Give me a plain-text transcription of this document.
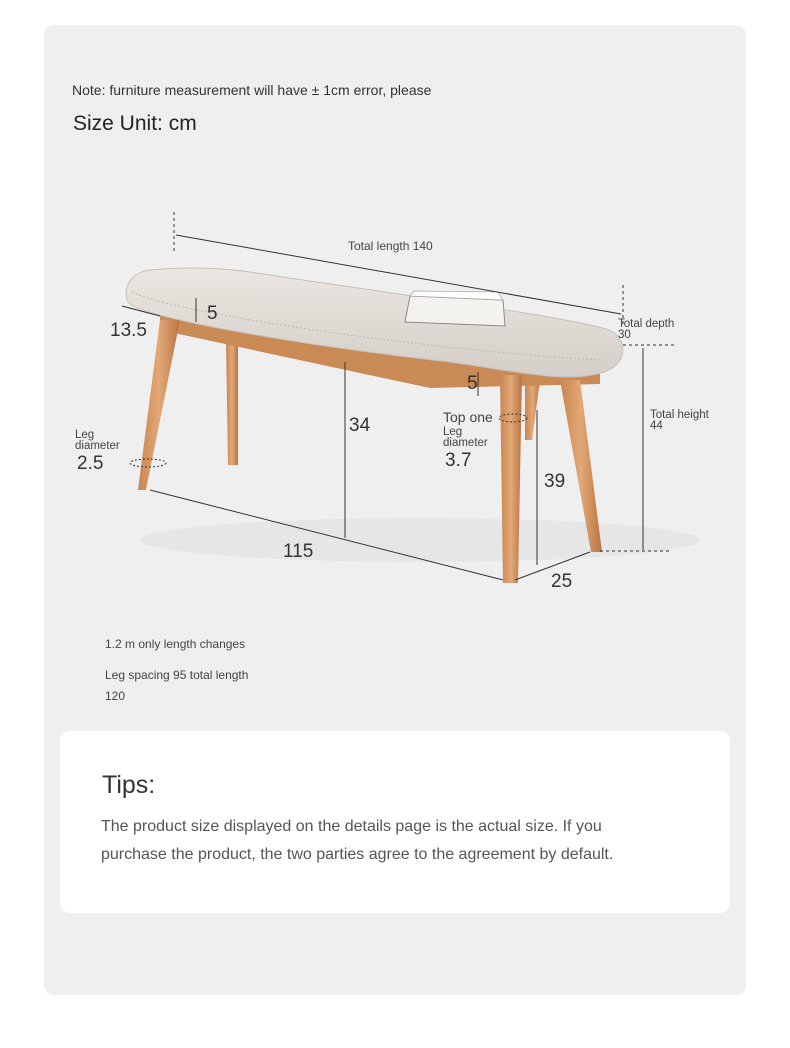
Note: furniture measurement will have ± 1cm error, please
Size Unit: cm
Total length 140
5
13.5
5
Total depth
30
Total height
44
Leg
diameter
2.5
Top one
Leg
diameter
3.7
34
39
115
25
1.2 m only length changes
Leg spacing 95 total length
120
Tips:
The product size displayed on the details page is the actual size. If you
purchase the product, the two parties agree to the agreement by default.
